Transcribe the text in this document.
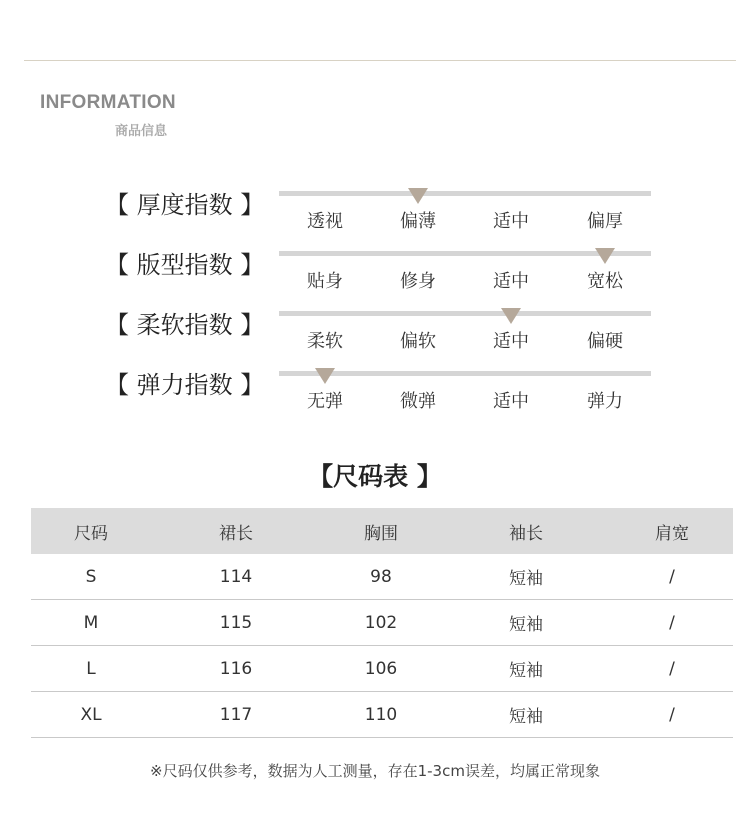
INFORMATION
商品信息
【 厚度指数 】
透视	偏薄	适中	偏厚
【 版型指数 】
贴身	修身	适中	宽松
【 柔软指数 】
柔软	偏软	适中	偏硬
【 弹力指数 】
无弹	微弹	适中	弹力
【尺码表 】
尺码	裙长	胸围	袖长	肩宽
S	114	98	短袖	/
M	115	102	短袖	/
L	116	106	短袖	/
XL	117	110	短袖	/
※尺码仅供参考，数据为人工测量，存在1-3cm误差，均属正常现象
